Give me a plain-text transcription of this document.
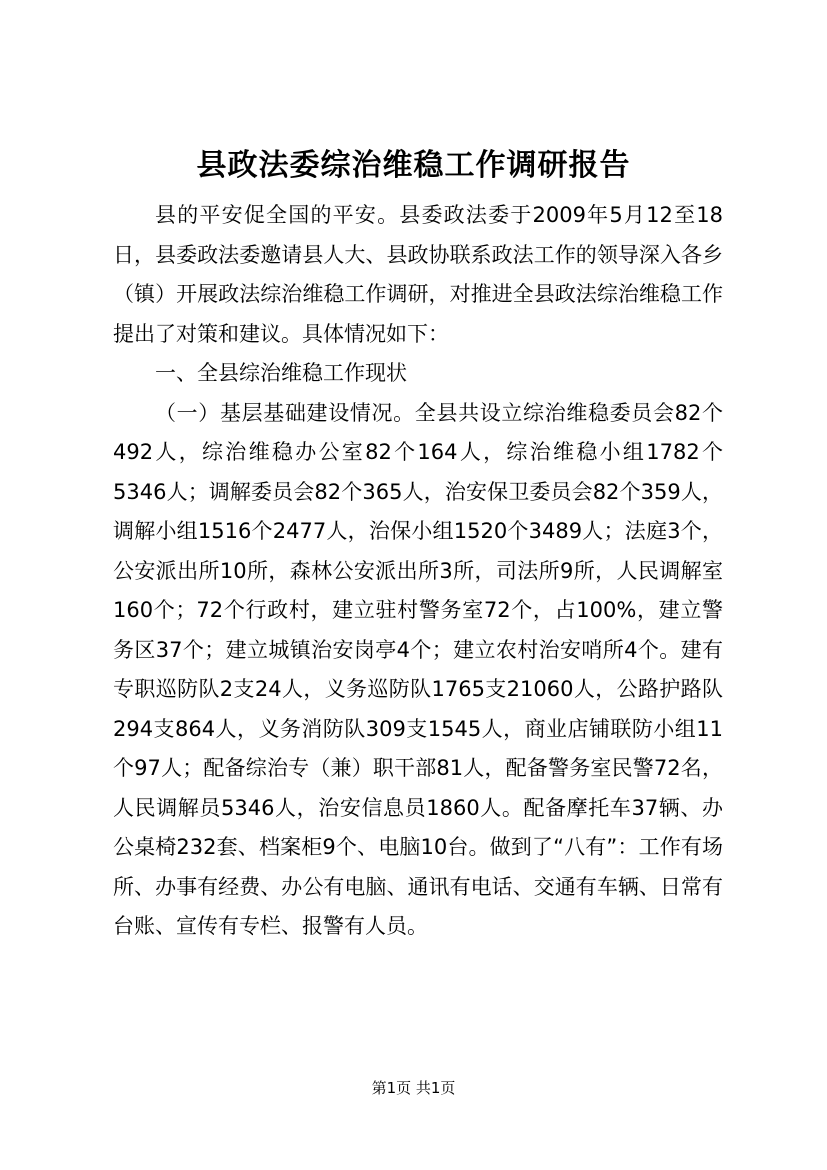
县政法委综治维稳工作调研报告

县的平安促全国的平安。县委政法委于2009年5月12至18日，县委政法委邀请县人大、县政协联系政法工作的领导深入各乡（镇）开展政法综治维稳工作调研，对推进全县政法综治维稳工作提出了对策和建议。具体情况如下：

一、全县综治维稳工作现状

（一）基层基础建设情况。全县共设立综治维稳委员会82个492人，综治维稳办公室82个164人，综治维稳小组1782个5346人；调解委员会82个365人，治安保卫委员会82个359人，调解小组1516个2477人，治保小组1520个3489人；法庭3个，公安派出所10所，森林公安派出所3所，司法所9所，人民调解室160个；72个行政村，建立驻村警务室72个，占100%，建立警务区37个；建立城镇治安岗亭4个；建立农村治安哨所4个。建有专职巡防队2支24人，义务巡防队1765支21060人，公路护路队294支864人，义务消防队309支1545人，商业店铺联防小组11个97人；配备综治专（兼）职干部81人，配备警务室民警72名，人民调解员5346人，治安信息员1860人。配备摩托车37辆、办公桌椅232套、档案柜9个、电脑10台。做到了“八有”：工作有场所、办事有经费、办公有电脑、通讯有电话、交通有车辆、日常有台账、宣传有专栏、报警有人员。

第1页 共1页
